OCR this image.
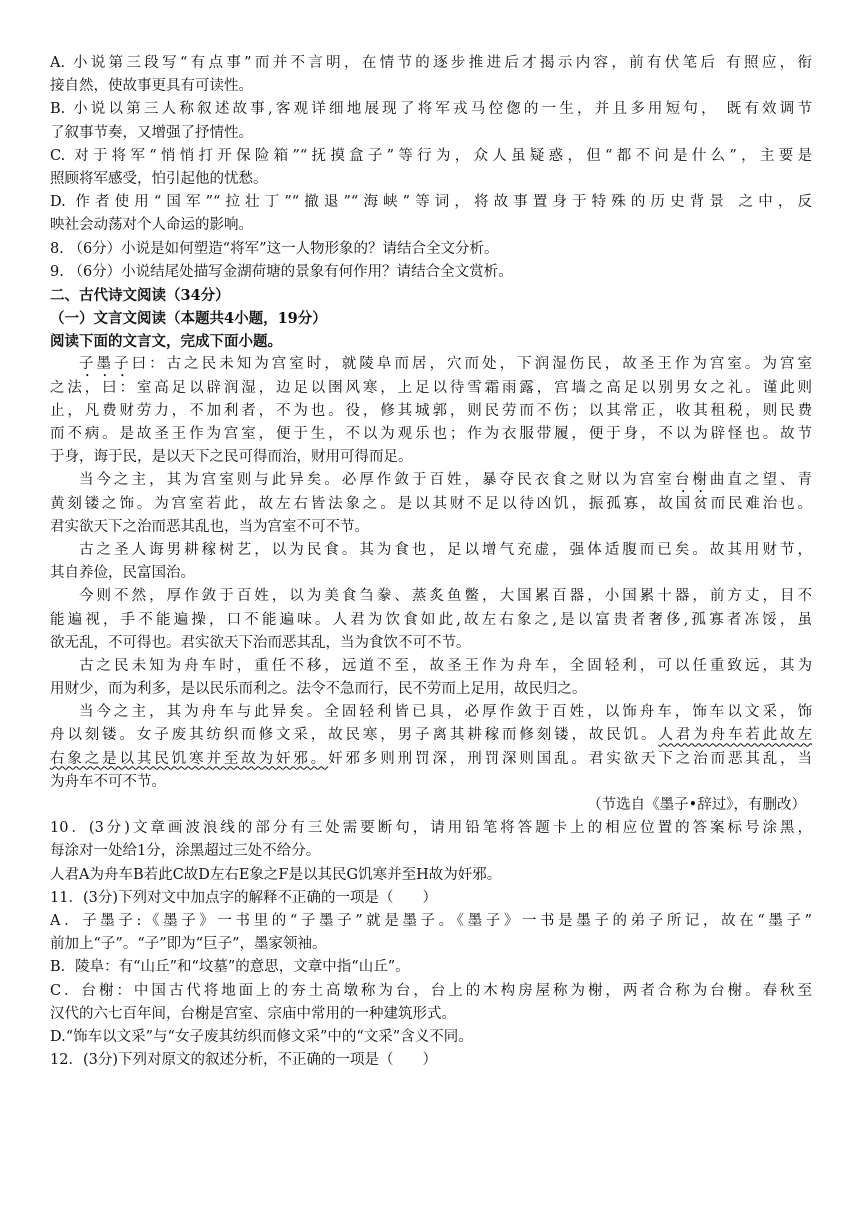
A. 小说第三段写“有点事”而并不言明，在情节的逐步推进后才揭示内容，前有伏笔后 有照应，衔
接自然，使故事更具有可读性。
B. 小说以第三人称叙述故事,客观详细地展现了将军戎马倥偬的一生，并且多用短句， 既有效调节
了叙事节奏，又增强了抒情性。
C. 对于将军“悄悄打开保险箱”“抚摸盒子”等行为，众人虽疑惑，但“都不问是什么”，主要是
照顾将军感受，怕引起他的忧愁。
D. 作者使用“国军”“拉壮丁”“撤退”“海峡”等词，将故事置身于特殊的历史背景 之中，反
映社会动荡对个人命运的影响。
8. （6分）小说是如何塑造“将军”这一人物形象的？请结合全文分析。
9. （6分）小说结尾处描写金湖荷塘的景象有何作用？请结合全文赏析。
二、古代诗文阅读（34分）
（一）文言文阅读（本题共4小题，19分）
阅读下面的文言文，完成下面小题。
子墨子曰：古之民未知为宫室时，就陵阜而居，穴而处，下润湿伤民，故圣王作为宫室。为宫室
之法，曰：室高足以辟润湿，边足以圉风寒，上足以待雪霜雨露，宫墙之高足以别男女之礼。谨此则
止，凡费财劳力，不加利者，不为也。役，修其城郭，则民劳而不伤；以其常正，收其租税，则民费
而不病。是故圣王作为宫室，便于生，不以为观乐也；作为衣服带履，便于身，不以为辟怪也。故节
于身，诲于民，是以天下之民可得而治，财用可得而足。
当今之主，其为宫室则与此异矣。必厚作敛于百姓，暴夺民衣食之财以为宫室台榭曲直之望、青
黄刻镂之饰。为宫室若此，故左右皆法象之。是以其财不足以待凶饥，振孤寡，故国贫而民难治也。
君实欲天下之治而恶其乱也，当为宫室不可不节。
古之圣人诲男耕稼树艺，以为民食。其为食也，足以增气充虚，强体适腹而已矣。故其用财节，
其自养俭，民富国治。
今则不然，厚作敛于百姓，以为美食刍豢、蒸炙鱼鳖，大国累百器，小国累十器，前方丈，目不
能遍视，手不能遍操，口不能遍味。人君为饮食如此,故左右象之,是以富贵者奢侈,孤寡者冻馁，虽
欲无乱，不可得也。君实欲天下治而恶其乱，当为食饮不可不节。
古之民未知为舟车时，重任不移，远道不至，故圣王作为舟车，全固轻利，可以任重致远，其为
用财少，而为利多，是以民乐而利之。法令不急而行，民不劳而上足用，故民归之。
当今之主，其为舟车与此异矣。全固轻利皆已具，必厚作敛于百姓，以饰舟车，饰车以文采，饰
舟以刻镂。女子废其纺织而修文采，故民寒，男子离其耕稼而修刻镂，故民饥。人君为舟车若此故左
右象之是以其民饥寒并至故为奸邪。奸邪多则刑罚深，刑罚深则国乱。君实欲天下之治而恶其乱，当
为舟车不可不节。
（节选自《墨子•辞过》，有删改）
10．(3分)文章画波浪线的部分有三处需要断句，请用铅笔将答题卡上的相应位置的答案标号涂黑，
每涂对一处给1分，涂黑超过三处不给分。
人君A为舟车B若此C故D左右E象之F是以其民G饥寒并至H故为奸邪。
11．(3分)下列对文中加点字的解释不正确的一项是（　　）
A．子墨子:《墨子》一书里的“子墨子”就是墨子。《墨子》一书是墨子的弟子所记，故在“墨子”
前加上“子”。“子”即为“巨子”，墨家领袖。
B．陵阜：有“山丘”和“坟墓”的意思，文章中指“山丘”。
C．台榭：中国古代将地面上的夯土高墩称为台，台上的木构房屋称为榭，两者合称为台榭。春秋至
汉代的六七百年间，台榭是宫室、宗庙中常用的一种建筑形式。
D.“饰车以文采”与“女子废其纺织而修文采”中的“文采”含义不同。
12．(3分)下列对原文的叙述分析，不正确的一项是（　　）
